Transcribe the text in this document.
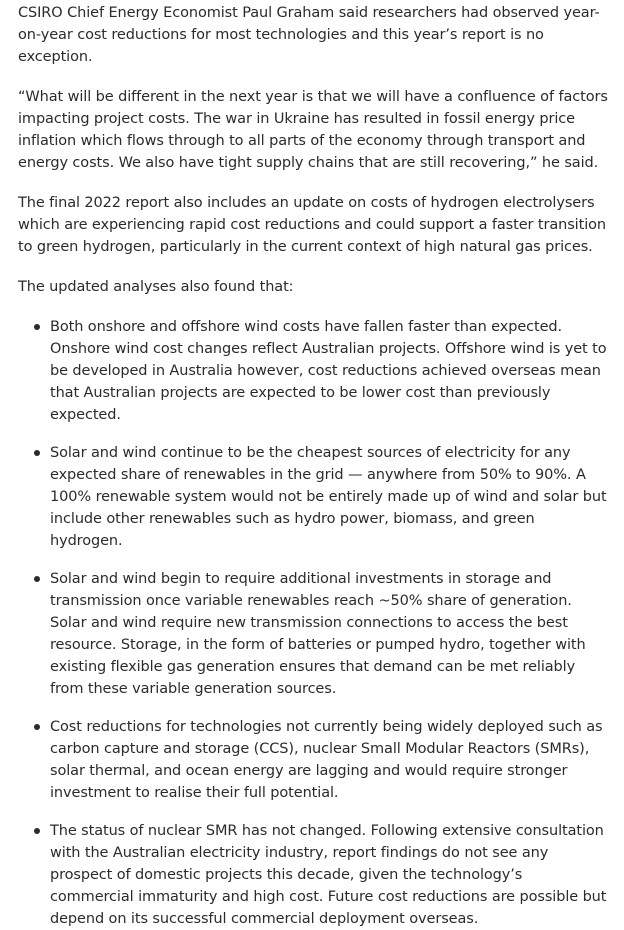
CSIRO Chief Energy Economist Paul Graham said researchers had observed year-on-year cost reductions for most technologies and this year’s report is no exception.

“What will be different in the next year is that we will have a confluence of factors impacting project costs. The war in Ukraine has resulted in fossil energy price inflation which flows through to all parts of the economy through transport and energy costs. We also have tight supply chains that are still recovering,” he said.

The final 2022 report also includes an update on costs of hydrogen electrolysers which are experiencing rapid cost reductions and could support a faster transition to green hydrogen, particularly in the current context of high natural gas prices.

The updated analyses also found that:

Both onshore and offshore wind costs have fallen faster than expected. Onshore wind cost changes reflect Australian projects. Offshore wind is yet to be developed in Australia however, cost reductions achieved overseas mean that Australian projects are expected to be lower cost than previously expected.
Solar and wind continue to be the cheapest sources of electricity for any expected share of renewables in the grid — anywhere from 50% to 90%. A 100% renewable system would not be entirely made up of wind and solar but include other renewables such as hydro power, biomass, and green hydrogen.
Solar and wind begin to require additional investments in storage and transmission once variable renewables reach ~50% share of generation. Solar and wind require new transmission connections to access the best resource. Storage, in the form of batteries or pumped hydro, together with existing flexible gas generation ensures that demand can be met reliably from these variable generation sources.
Cost reductions for technologies not currently being widely deployed such as carbon capture and storage (CCS), nuclear Small Modular Reactors (SMRs), solar thermal, and ocean energy are lagging and would require stronger investment to realise their full potential.
The status of nuclear SMR has not changed. Following extensive consultation with the Australian electricity industry, report findings do not see any prospect of domestic projects this decade, given the technology’s commercial immaturity and high cost. Future cost reductions are possible but depend on its successful commercial deployment overseas.
